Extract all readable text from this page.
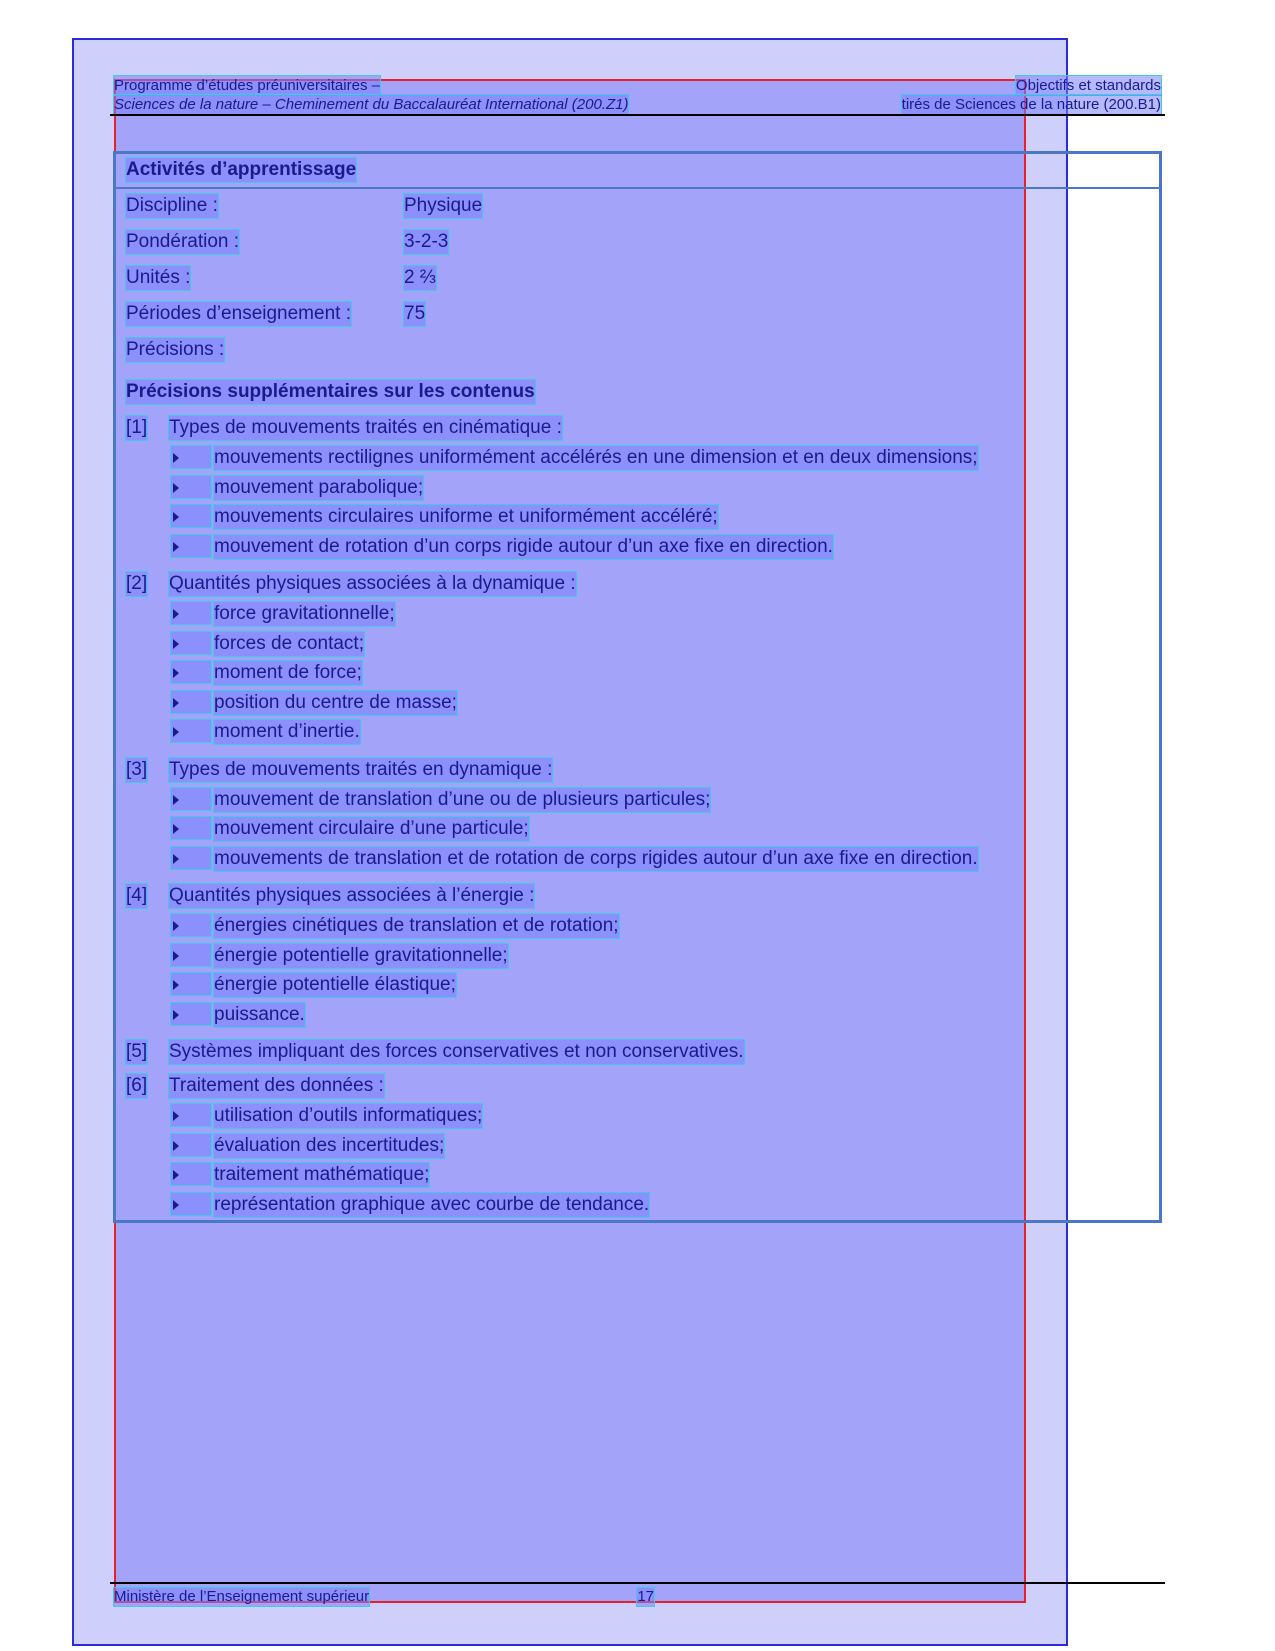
Programme d’études préuniversitaires –
Sciences de la nature – Cheminement du Baccalauréat International (200.Z1)
Objectifs et standards
tirés de Sciences de la nature (200.B1)
Activités d’apprentissage
Discipline :	Physique
Pondération :	3-2-3
Unités :	2 ⅔
Périodes d’enseignement :	75
Précisions :
Précisions supplémentaires sur les contenus
[1] Types de mouvements traités en cinématique :
mouvements rectilignes uniformément accélérés en une dimension et en deux dimensions;
mouvement parabolique;
mouvements circulaires uniforme et uniformément accéléré;
mouvement de rotation d’un corps rigide autour d’un axe fixe en direction.
[2] Quantités physiques associées à la dynamique :
force gravitationnelle;
forces de contact;
moment de force;
position du centre de masse;
moment d’inertie.
[3] Types de mouvements traités en dynamique :
mouvement de translation d’une ou de plusieurs particules;
mouvement circulaire d’une particule;
mouvements de translation et de rotation de corps rigides autour d’un axe fixe en direction.
[4] Quantités physiques associées à l’énergie :
énergies cinétiques de translation et de rotation;
énergie potentielle gravitationnelle;
énergie potentielle élastique;
puissance.
[5] Systèmes impliquant des forces conservatives et non conservatives.
[6] Traitement des données :
utilisation d’outils informatiques;
évaluation des incertitudes;
traitement mathématique;
représentation graphique avec courbe de tendance.
Ministère de l’Enseignement supérieur	17
